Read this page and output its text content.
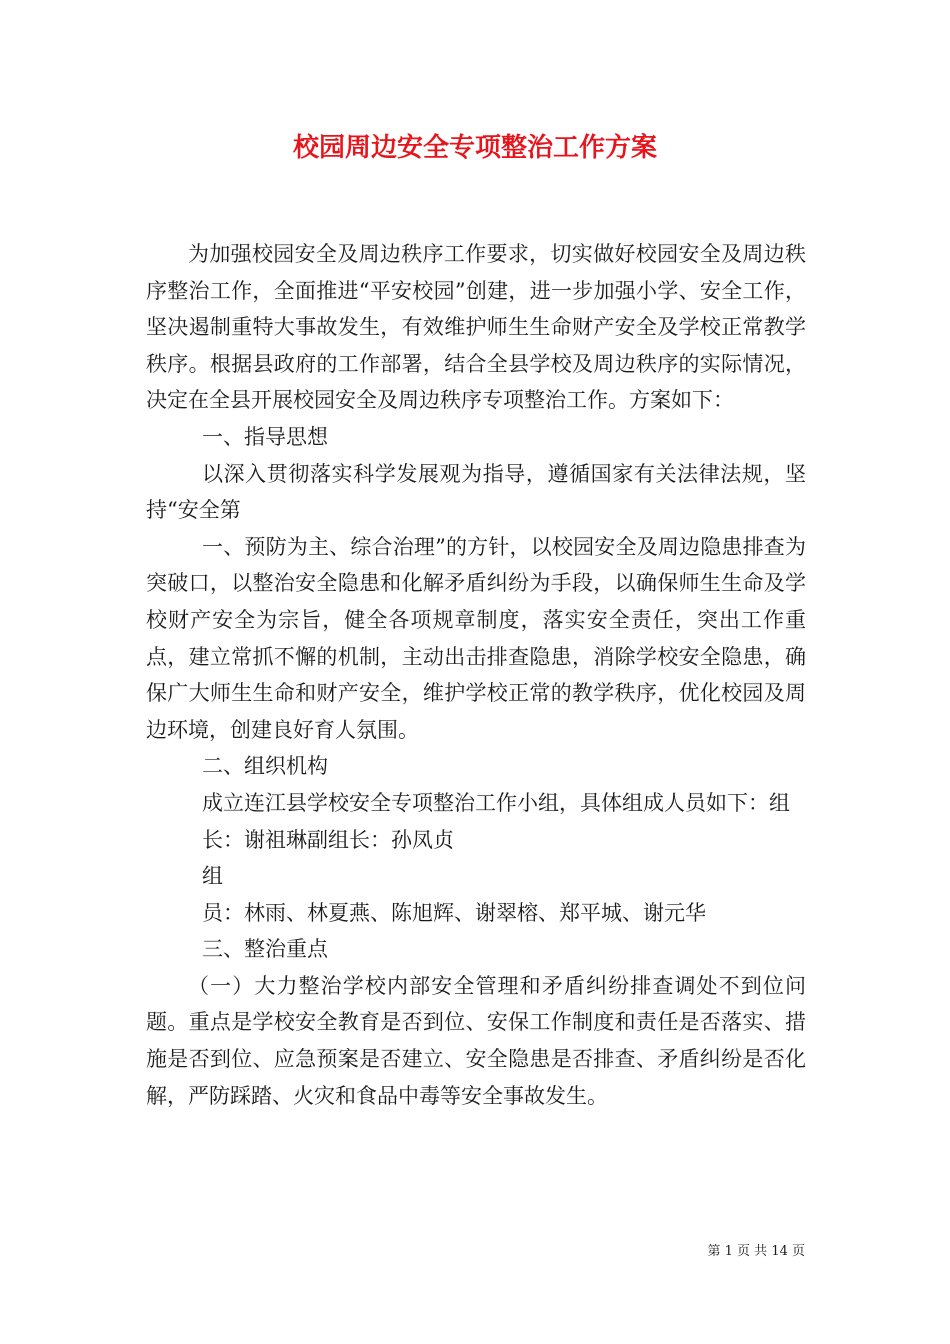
校园周边安全专项整治工作方案

为加强校园安全及周边秩序工作要求，切实做好校园安全及周边秩序整治工作，全面推进“平安校园”创建，进一步加强小学、安全工作，坚决遏制重特大事故发生，有效维护师生生命财产安全及学校正常教学秩序。根据县政府的工作部署，结合全县学校及周边秩序的实际情况，决定在全县开展校园安全及周边秩序专项整治工作。方案如下：

一、指导思想

以深入贯彻落实科学发展观为指导，遵循国家有关法律法规，坚持“安全第

一、预防为主、综合治理”的方针，以校园安全及周边隐患排查为突破口，以整治安全隐患和化解矛盾纠纷为手段，以确保师生生命及学校财产安全为宗旨，健全各项规章制度，落实安全责任，突出工作重点，建立常抓不懈的机制，主动出击排查隐患，消除学校安全隐患，确保广大师生生命和财产安全，维护学校正常的教学秩序，优化校园及周边环境，创建良好育人氛围。

二、组织机构

成立连江县学校安全专项整治工作小组，具体组成人员如下：组

长：谢祖琳副组长：孙凤贞

组

员：林雨、林夏燕、陈旭辉、谢翠榕、郑平城、谢元华

三、整治重点

（一）大力整治学校内部安全管理和矛盾纠纷排查调处不到位问题。重点是学校安全教育是否到位、安保工作制度和责任是否落实、措施是否到位、应急预案是否建立、安全隐患是否排查、矛盾纠纷是否化解，严防踩踏、火灾和食品中毒等安全事故发生。

第 1 页 共 14 页
